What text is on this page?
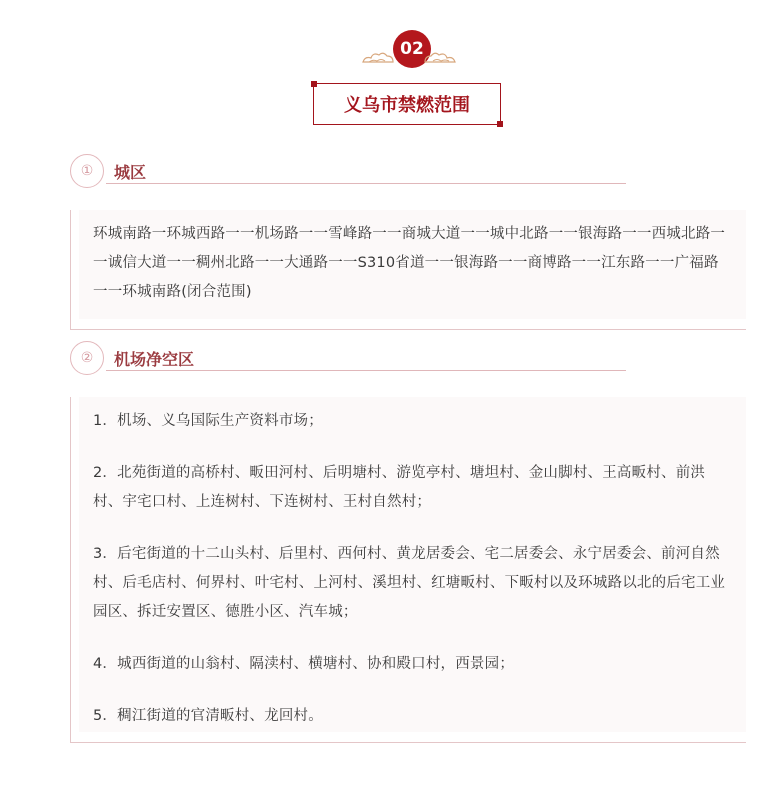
02
义乌市禁燃范围
①	城区
环城南路一环城西路一一机场路一一雪峰路一一商城大道一一城中北路一一银海路一一西城北路一一诚信大道一一稠州北路一一大通路一一S310省道一一银海路一一商博路一一江东路一一广福路一一环城南路(闭合范围)
②	机场净空区
1．机场、义乌国际生产资料市场；
2．北苑街道的高桥村、畈田河村、后明塘村、游览亭村、塘坦村、金山脚村、王高畈村、前洪村、宇宅口村、上连树村、下连树村、王村自然村；
3．后宅街道的十二山头村、后里村、西何村、黄龙居委会、宅二居委会、永宁居委会、前河自然村、后毛店村、何界村、叶宅村、上河村、溪坦村、红塘畈村、下畈村以及环城路以北的后宅工业园区、拆迁安置区、德胜小区、汽车城；
4．城西街道的山翁村、隔渎村、横塘村、协和殿口村，西景园；
5．稠江街道的官清畈村、龙回村。
